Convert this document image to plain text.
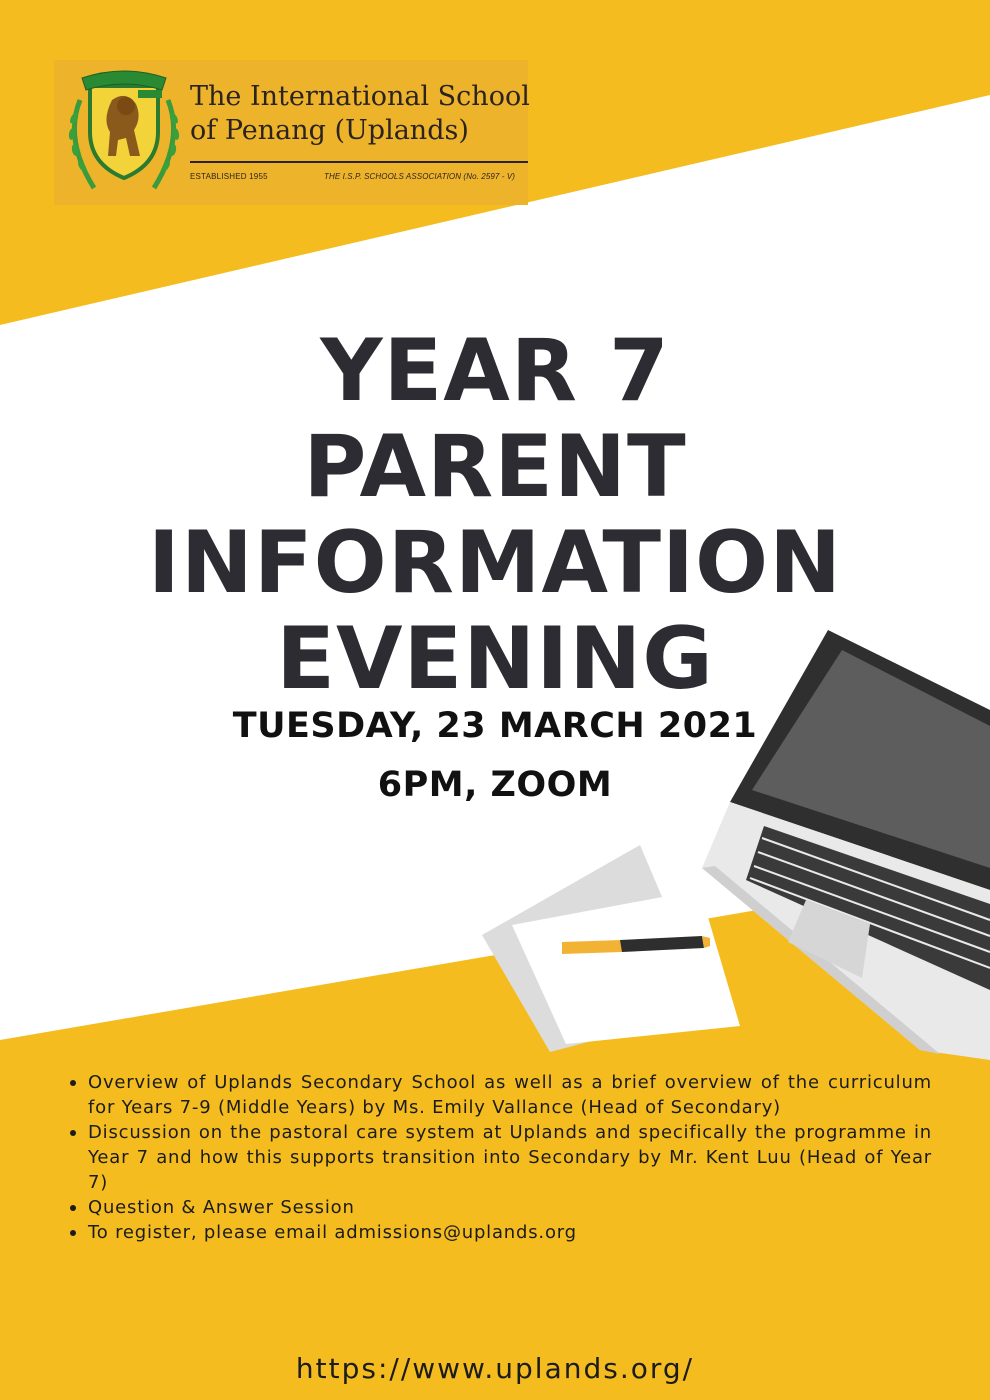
The International School
of Penang (Uplands)
ESTABLISHED 1955	THE I.S.P. SCHOOLS ASSOCIATION (No. 2597 - V)
YEAR 7
PARENT
INFORMATION
EVENING
TUESDAY, 23 MARCH 2021
6PM, ZOOM
Overview of Uplands Secondary School as well as a brief overview of the curriculum for Years 7-9 (Middle Years) by Ms. Emily Vallance (Head of Secondary)
Discussion on the pastoral care system at Uplands and specifically the programme in Year 7 and how this supports transition into Secondary by Mr. Kent Luu (Head of Year 7)
Question & Answer Session
To register, please email admissions@uplands.org
https://www.uplands.org/
